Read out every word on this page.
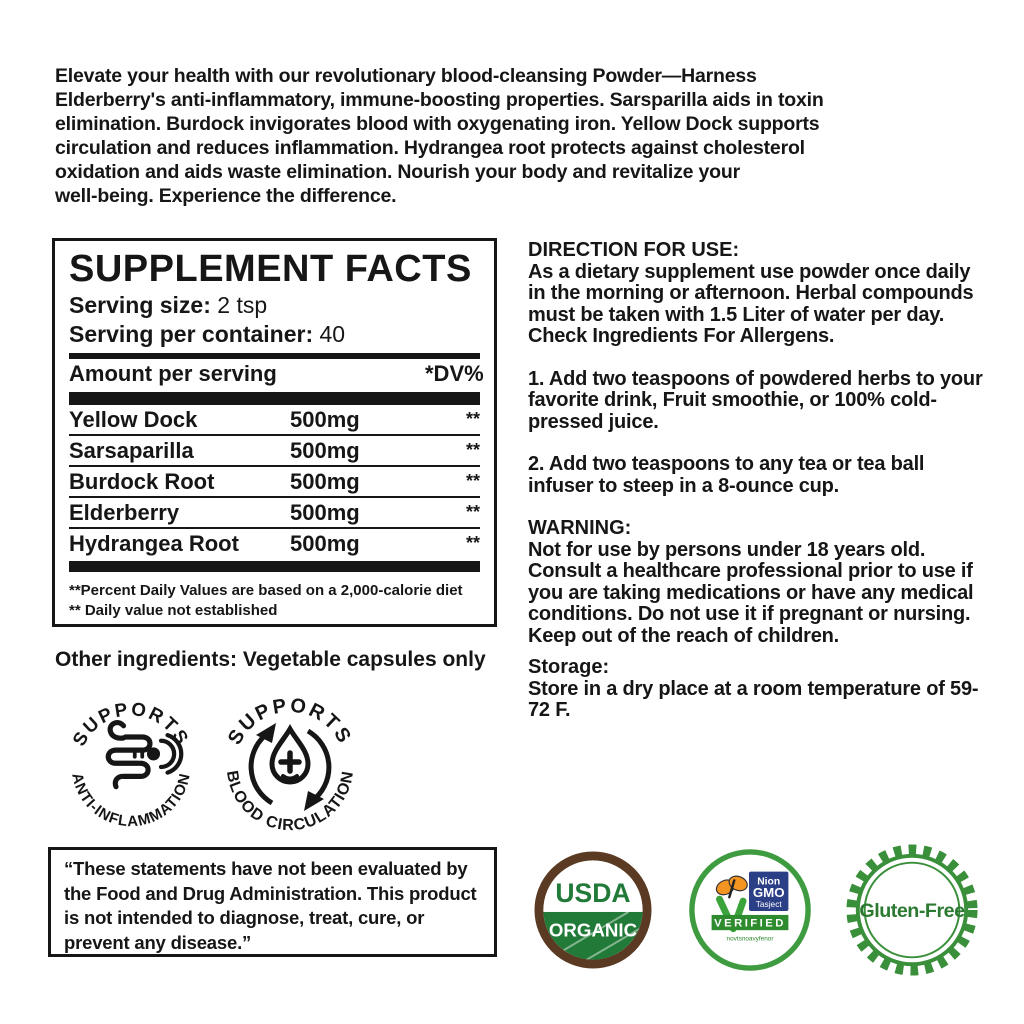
Elevate your health with our revolutionary blood-cleansing Powder—Harness
Elderberry's anti-inflammatory, immune-boosting properties. Sarsparilla aids in toxin
elimination. Burdock invigorates blood with oxygenating iron. Yellow Dock supports
circulation and reduces inflammation. Hydrangea root protects against cholesterol
oxidation and aids waste elimination. Nourish your body and revitalize your
well-being. Experience the difference.
SUPPLEMENT FACTS
Serving size: 2 tsp
Serving per container: 40
Amount per serving	*DV%
Yellow Dock	500mg	**
Sarsaparilla	500mg	**
Burdock Root	500mg	**
Elderberry	500mg	**
Hydrangea Root	500mg	**
**Percent Daily Values are based on a 2,000-calorie diet
** Daily value not established
DIRECTION FOR USE:

As a dietary supplement use powder once daily in the morning or afternoon. Herbal compounds must be taken with 1.5 Liter of water per day. Check Ingredients For Allergens.

1. Add two teaspoons of powdered herbs to your favorite drink, Fruit smoothie, or 100% cold-pressed juice.

2. Add two teaspoons to any tea or tea ball infuser to steep in a 8-ounce cup.

WARNING:

Not for use by persons under 18 years old. Consult a healthcare professional prior to use if you are taking medications or have any medical conditions. Do not use it if pregnant or nursing. Keep out of the reach of children.

Storage:

Store in a dry place at a room temperature of 59-72 F.

Other ingredients: Vegetable capsules only
SUPPORTS
ANTI-INFLAMMATION
SUPPORTS
BLOOD CIRCULATION
“These statements have not been evaluated by the Food and Drug Administration. This product is not intended to diagnose, treat, cure, or prevent any disease.”
USDA
ORGANIC
Nion
GMO
Tasject
VERIFIED
novtsnoavyfenor
Gluten-Free
